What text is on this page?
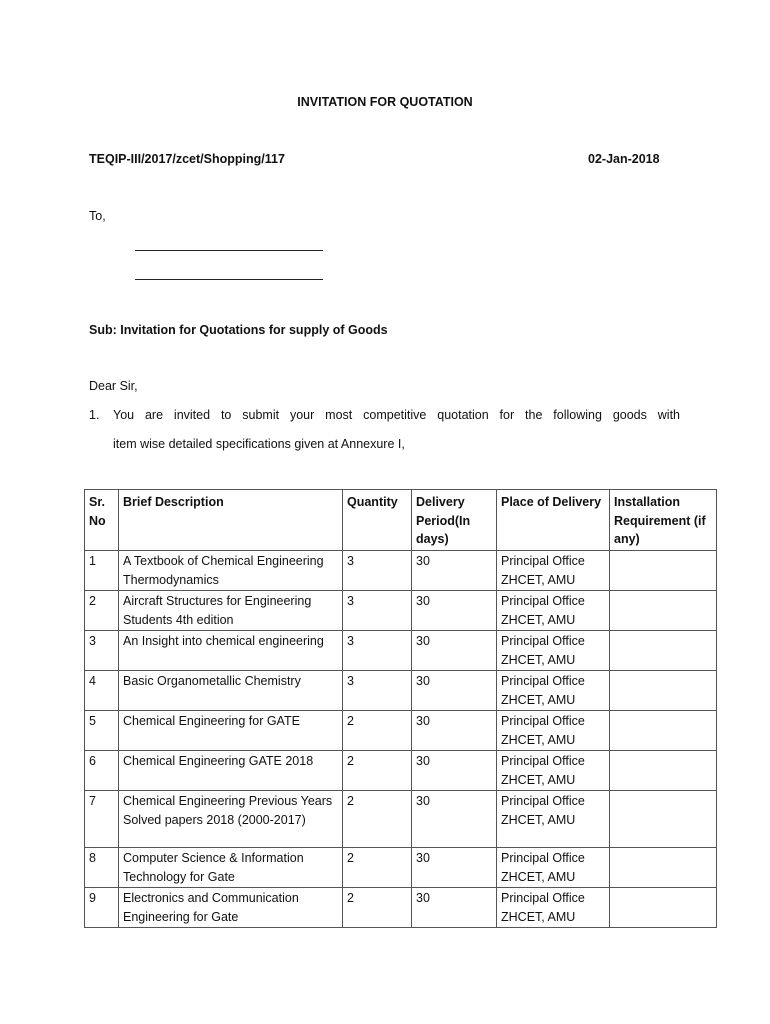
INVITATION FOR QUOTATION
TEQIP-III/2017/zcet/Shopping/117	02-Jan-2018
To,
Sub: Invitation for Quotations for supply of Goods
Dear Sir,
1. You are invited to submit your most competitive quotation for the following goods with
item wise detailed specifications given at Annexure I,
Sr. No	Brief Description	Quantity	Delivery Period(In days)	Place of Delivery	Installation Requirement (if any)
1	A Textbook of Chemical Engineering Thermodynamics	3	30	Principal Office ZHCET, AMU	
2	Aircraft Structures for Engineering Students 4th edition	3	30	Principal Office ZHCET, AMU	
3	An Insight into chemical engineering	3	30	Principal Office ZHCET, AMU	
4	Basic Organometallic Chemistry	3	30	Principal Office ZHCET, AMU	
5	Chemical Engineering for GATE	2	30	Principal Office ZHCET, AMU	
6	Chemical Engineering GATE 2018	2	30	Principal Office ZHCET, AMU	
7	Chemical Engineering Previous Years Solved papers 2018 (2000-2017)	2	30	Principal Office ZHCET, AMU	
8	Computer Science & Information Technology for Gate	2	30	Principal Office ZHCET, AMU	
9	Electronics and Communication Engineering for Gate	2	30	Principal Office ZHCET, AMU	
